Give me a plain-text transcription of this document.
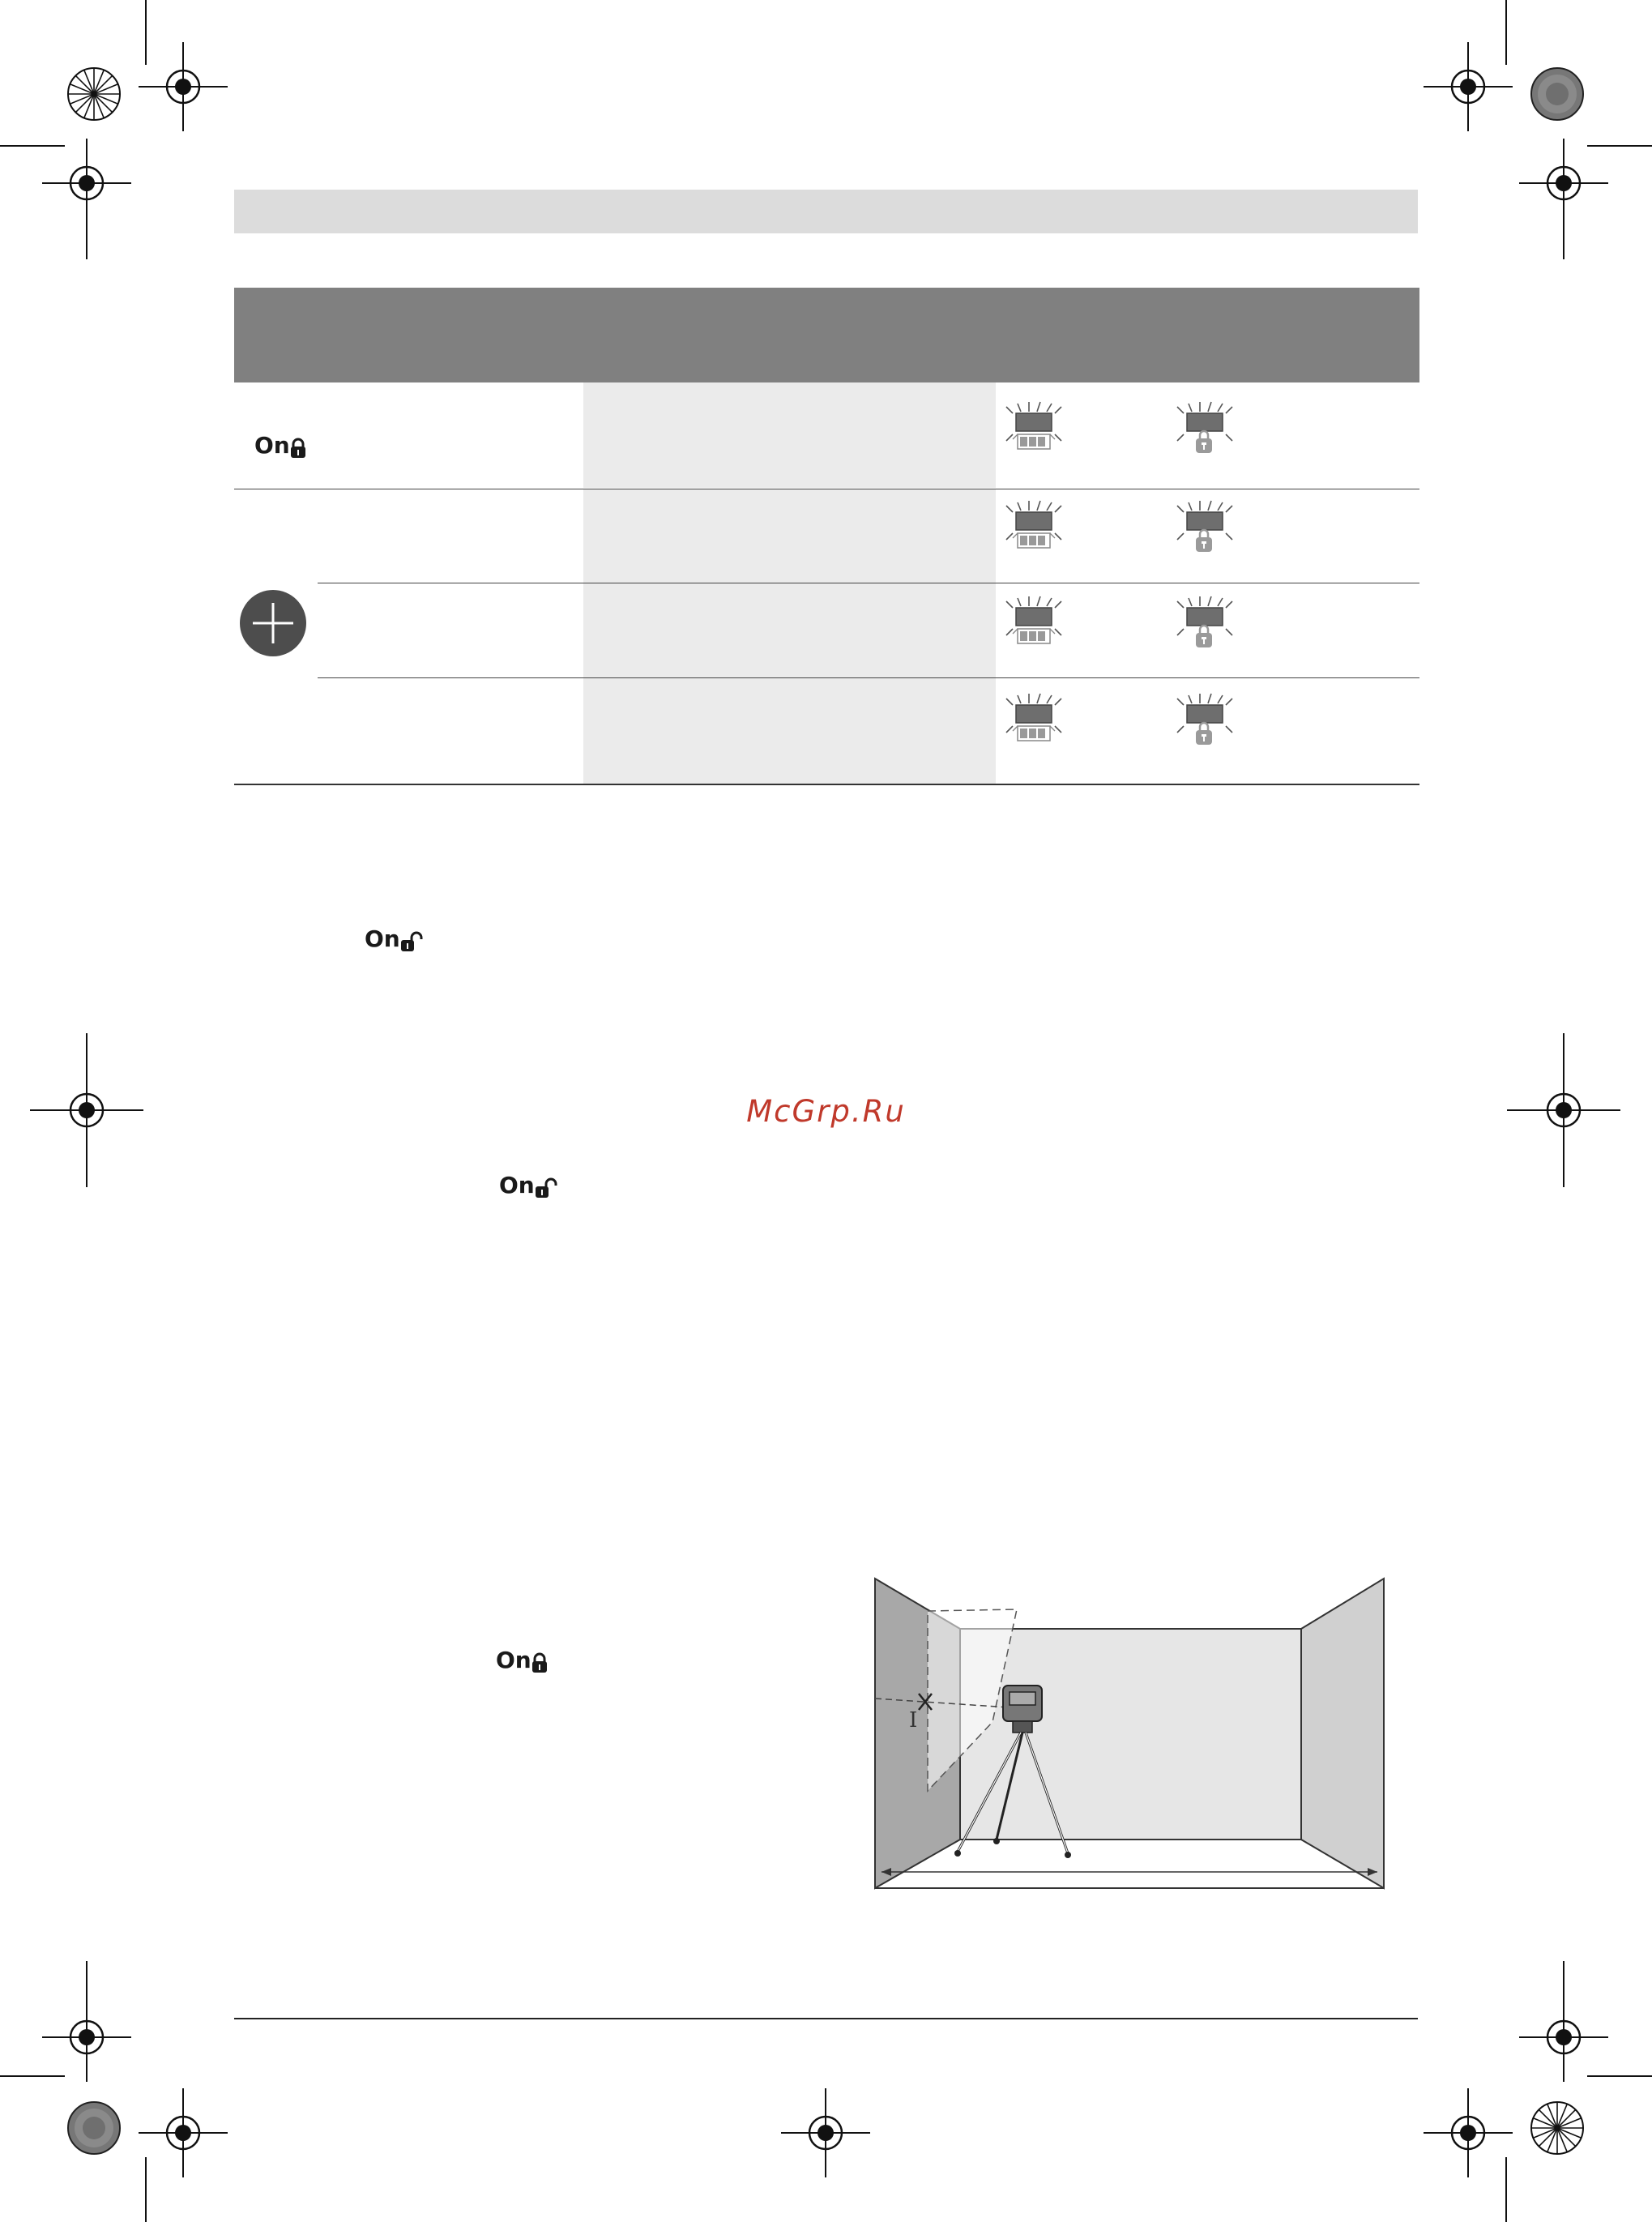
On
On
On
On
McGrp.Ru
I
